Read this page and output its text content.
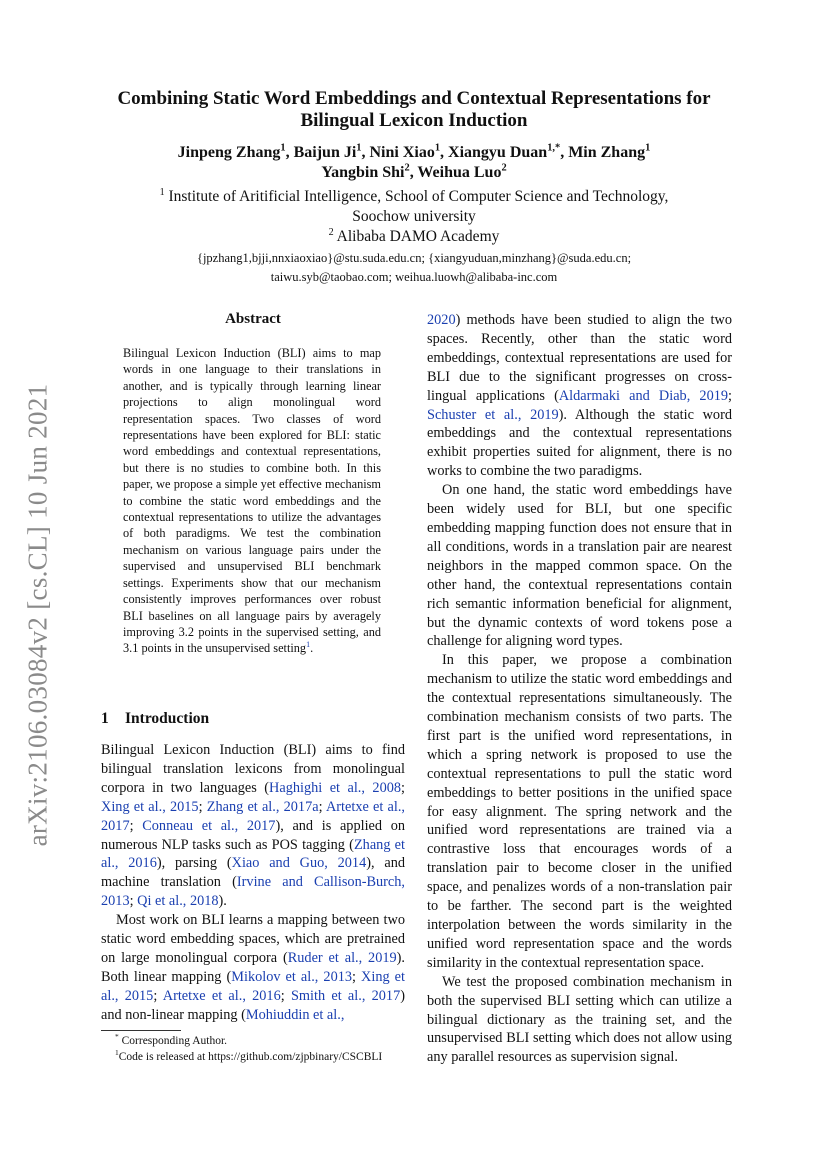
arXiv:2106.03084v2 [cs.CL] 10 Jun 2021
Combining Static Word Embeddings and Contextual Representations for
Bilingual Lexicon Induction
Jinpeng Zhang$^1$, Baijun Ji$^1$, Nini Xiao$^1$, Xiangyu Duan$^{1,*}$, Min Zhang$^1$
Yangbin Shi$^2$, Weihua Luo$^2$
$^1$ Institute of Aritificial Intelligence, School of Computer Science and Technology,
Soochow university
$^2$ Alibaba DAMO Academy
{jpzhang1,bjji,nnxiaoxiao}@stu.suda.edu.cn; {xiangyuduan,minzhang}@suda.edu.cn;
taiwu.syb@taobao.com; weihua.luowh@alibaba-inc.com
Abstract
Bilingual Lexicon Induction (BLI) aims to map words in one language to their translations in another, and is typically through learning linear projections to align monolingual word representation spaces. Two classes of word representations have been explored for BLI: static word embeddings and contextual representations, but there is no studies to combine both. In this paper, we propose a simple yet effective mechanism to combine the static word embeddings and the contextual representations to utilize the advantages of both paradigms. We test the combination mechanism on various language pairs under the supervised and unsupervised BLI benchmark settings. Experiments show that our mechanism consistently improves performances over robust BLI baselines on all language pairs by averagely improving 3.2 points in the supervised setting, and 3.1 points in the unsupervised setting$^1$.
1 Introduction

Bilingual Lexicon Induction (BLI) aims to find bilingual translation lexicons from monolingual corpora in two languages (Haghighi et al., 2008; Xing et al., 2015; Zhang et al., 2017a; Artetxe et al., 2017; Conneau et al., 2017), and is applied on numerous NLP tasks such as POS tagging (Zhang et al., 2016), parsing (Xiao and Guo, 2014), and machine translation (Irvine and Callison-Burch, 2013; Qi et al., 2018).

Most work on BLI learns a mapping between two static word embedding spaces, which are pretrained on large monolingual corpora (Ruder et al., 2019). Both linear mapping (Mikolov et al., 2013; Xing et al., 2015; Artetxe et al., 2016; Smith et al., 2017) and non-linear mapping (Mohiuddin et al.,

* Corresponding Author.
$^1$Code is released at https://github.com/zjpbinary/CSCBLI

2020) methods have been studied to align the two spaces. Recently, other than the static word embeddings, contextual representations are used for BLI due to the significant progresses on cross-lingual applications (Aldarmaki and Diab, 2019; Schuster et al., 2019). Although the static word embeddings and the contextual representations exhibit properties suited for alignment, there is no works to combine the two paradigms.

On one hand, the static word embeddings have been widely used for BLI, but one specific embedding mapping function does not ensure that in all conditions, words in a translation pair are nearest neighbors in the mapped common space. On the other hand, the contextual representations contain rich semantic information beneficial for alignment, but the dynamic contexts of word tokens pose a challenge for aligning word types.

In this paper, we propose a combination mechanism to utilize the static word embeddings and the contextual representations simultaneously. The combination mechanism consists of two parts. The first part is the unified word representations, in which a spring network is proposed to use the contextual representations to pull the static word embeddings to better positions in the unified space for easy alignment. The spring network and the unified word representations are trained via a contrastive loss that encourages words of a translation pair to become closer in the unified space, and penalizes words of a non-translation pair to be farther. The second part is the weighted interpolation between the words similarity in the unified word representation space and the words similarity in the contextual representation space.

We test the proposed combination mechanism in both the supervised BLI setting which can utilize a bilingual dictionary as the training set, and the unsupervised BLI setting which does not allow using any parallel resources as supervision signal.
